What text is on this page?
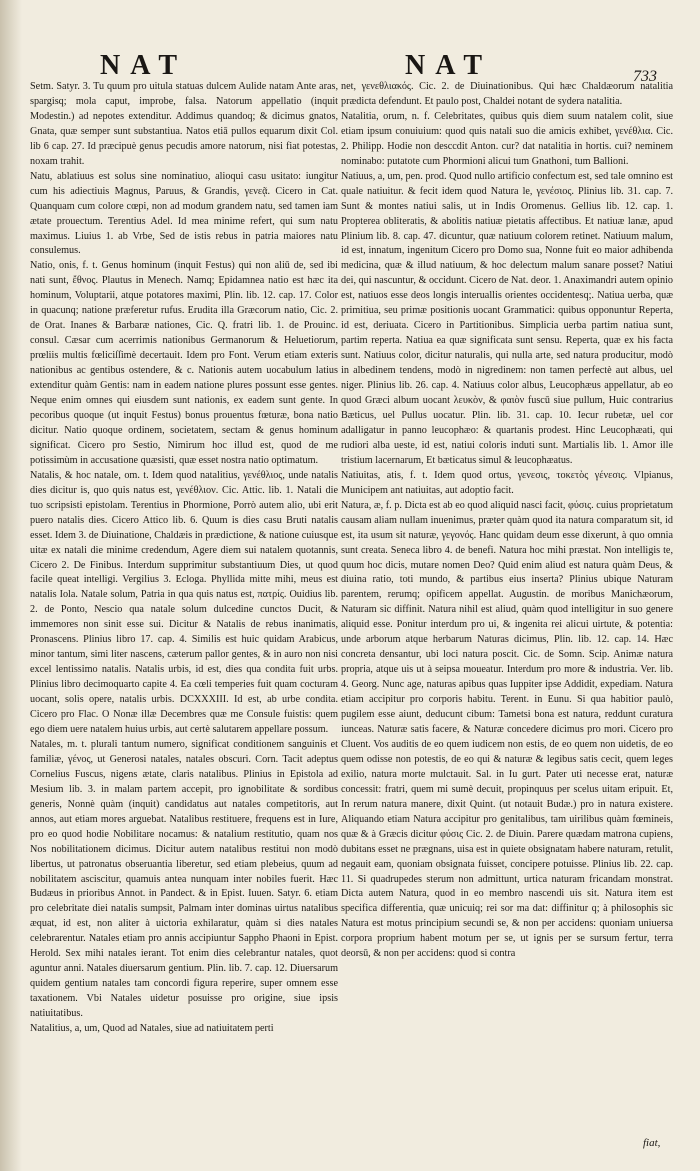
NAT	NAT	733

Setm. Satyr. 3. Tu quum pro uitula statuas dulcem Aulide natam Ante aras, spargisq; mola caput, improbe, falsa. Natorum appellatio (inquit Modestin.) ad nepotes extenditur. Addimus quandoq; & dicimus gnatos, Gnata, quæ semper sunt substantiua. Natos etiā pullos equarum dixit Col. lib 6 cap. 27. Id præcipuè genus pecudis amore natorum, nisi fiat potestas, noxam trahit.

Natu, ablatiuus est solus sine nominatiuo, alioqui casu usitato: iungitur cum his adiectiuis Magnus, Paruus, & Grandis, γενεᾷ. Cicero in Cat. Quanquam cum colore cœpi, non ad modum grandem natu, sed tamen iam ætate prouectum. Terentius Adel. Id mea minime refert, qui sum natu maximus. Liuius 1. ab Vrbe, Sed de istis rebus in patria maiores natu consulemus.

Natio, onis, f. t. Genus hominum (inquit Festus) qui non aliū de, sed ibi nati sunt, ἔθνος. Plautus in Menech. Namq; Epidamnea natio est hæc ita hominum, Voluptarii, atque potatores maximi, Plin. lib. 12. cap. 17. Color in quacunq; natione præferetur rufus. Erudita illa Græcorum natio, Cic. 2. de Orat. Inanes & Barbaræ nationes, Cic. Q. fratri lib. 1. de Prouinc. consul. Cæsar cum acerrimis nationibus Germanorum & Heluetiorum, prœliis multis fœliciſſimè decertauit. Idem pro Font. Verum etiam exteris nationibus ac gentibus ostendere, & c. Nationis autem uocabulum latius extenditur quàm Gentis: nam in eadem natione plures possunt esse gentes. Neque enim omnes qui eiusdem sunt nationis, ex eadem sunt gente. In pecoribus quoque (ut inquit Festus) bonus prouentus fœturæ, bona natio dicitur. Natio quoque ordinem, societatem, sectam & genus hominum significat. Cicero pro Sestio, Nimirum hoc illud est, quod de me potissimùm in accusatione quæsisti, quæ esset nostra natio optimatum.

Natalis, & hoc natale, om. t. Idem quod natalitius, γενέθλιος, unde natalis dies dicitur is, quo quis natus est, γενέθλιον. Cic. Attic. lib. 1. Natali die tuo scripsisti epistolam. Terentius in Phormione, Porrò autem alio, ubi erit puero natalis dies. Cicero Attico lib. 6. Quum is dies casu Bruti natalis esset. Idem 3. de Diuinatione, Chaldæis in prædictione, & natione cuiusque uitæ ex natali die minime credendum, Agere diem sui natalem quotannis, Cicero 2. De Finibus. Interdum supprimitur substantiuum Dies, ut quod facile queat intelligi. Vergilius 3. Ecloga. Phyllida mitte mihi, meus est natalis Iola. Natale solum, Patria in qua quis natus est, πατρίς. Ouidius lib. 2. de Ponto, Nescio qua natale solum dulcedine cunctos Ducit, & immemores non sinit esse sui. Dicitur & Natalis de rebus inanimatis, Pronascens. Plinius libro 17. cap. 4. Similis est huic quidam Arabicus, minor tantum, simi liter nascens, cæterum pallor gentes, & in auro non nisi excel lentissimo natalis. Natalis urbis, id est, dies qua condita fuit urbs. Plinius libro decimoquarto capite 4. Ea cœli temperies fuit quam cocturam uocant, solis opere, natalis urbis. DCXXXIII. Id est, ab urbe condita. Cicero pro Flac. O Nonæ illæ Decembres quæ me Consule fuistis: quem ego diem uere natalem huius urbis, aut certè salutarem appellare possum.

Natales, m. t. plurali tantum numero, significat conditionem sanguinis et familiæ, γένος, ut Generosi natales, natales obscuri. Corn. Tacit adeptus Cornelius Fuscus, nigens ætate, claris natalibus. Plinius in Epistola ad Mesium lib. 3. in malam partem accepit, pro ignobilitate & sordibus generis, Nonnè quàm (inquit) candidatus aut natales competitoris, aut annos, aut etiam mores arguebat. Natalibus restituere, frequens est in Iure, pro eo quod hodie Nobilitare nocamus: & natalium restitutio, quam nos Nos nobilitationem dicimus. Dicitur autem natalibus restitui non modò libertus, ut patronatus obseruantia liberetur, sed etiam plebeius, quum ad nobilitatem asciscitur, quamuis antea nunquam inter nobiles fuerit. Hæc Budæus in prioribus Annot. in Pandect. & in Epist. Iuuen. Satyr. 6. etiam pro celebritate diei natalis sumpsit, Palmam inter dominas uirtus natalibus æquat, id est, non aliter à uictoria exhilaratur, quàm si dies natales celebrarentur. Natales etiam pro annis accipiuntur Sappho Phaoni in Epist. Herold. Sex mihi natales ierant. Tot enim dies celebrantur natales, quot aguntur anni. Natales diuersarum gentium. Plin. lib. 7. cap. 12. Diuersarum quidem gentium natales tam concordi figura reperire, super omnem esse taxationem. Vbi Natales uidetur posuisse pro origine, siue ipsis natiuitatibus.

Natalitius, a, um, Quod ad Natales, siue ad natiuitatem perti

net, γενεθλιακός. Cic. 2. de Diuinationibus. Qui hæc Chaldæorum natalitia prædicta defendunt. Et paulo post, Chaldei notant de sydera natalitia.

Natalitia, orum, n. f. Celebritates, quibus quis diem suum natalem colit, siue etiam ipsum conuiuium: quod quis natali suo die amicis exhibet, γενέθλια. Cic. 2. Philipp. Hodie non desccdit Anton. cur? dat natalitia in hortis. cui? neminem nominabo: putatote cum Phormioni alicui tum Gnathoni, tum Ballioni.

Natiuus, a, um, pen. prod. Quod nullo artificio confectum est, sed tale omnino est quale natiuitur. & fecit idem quod Natura le, γενέσιος. Plinius lib. 31. cap. 7. Sunt & montes natiui salis, ut in Indis Oromenus. Gellius lib. 12. cap. 1. Propterea obliteratis, & abolitis natiuæ pietatis affectibus. Et natiuæ lanæ, apud Plinium lib. 8. cap. 47. dicuntur, quæ natiuum colorem retinet. Natiuum malum, id est, innatum, ingenitum Cicero pro Domo sua, Nonne fuit eo maior adhibenda medicina, quæ & illud natiuum, & hoc delectum malum sanare posset? Natiui dei, qui nascuntur, & occidunt. Cicero de Nat. deor. 1. Anaximandri autem opinio est, natiuos esse deos longis interuallis orientes occidentesq;. Natiua uerba, quæ primitiua, seu primæ positionis uocant Grammatici: quibus opponuntur Reperta, id est, deriuata. Cicero in Partitionibus. Simplicia uerba partim natiua sunt, partim reperta. Natiua ea quæ significata sunt sensu. Reperta, quæ ex his facta sunt. Natiuus color, dicitur naturalis, qui nulla arte, sed natura producitur, modò in albedinem tendens, modò in nigredinem: non tamen perfectè aut albus, uel niger. Plinius lib. 26. cap. 4. Natiuus color albus, Leucophæus appellatur, ab eo quod Græci album uocant λευκὸν, & φαιὸν fuscū siue pullum, Huic contrarius Bæticus, uel Pullus uocatur. Plin. lib. 31. cap. 10. Iecur rubetæ, uel cor adalligatur in panno leucophæo: & quartanis prodest. Hinc Leucophæati, qui rudiori alba ueste, id est, natiui coloris induti sunt. Martialis lib. 1. Amor ille tristium lacernarum, Et bæticatus simul & leucophæatus.

Natiuitas, atis, f. t. Idem quod ortus, γενεσις, τοκετὸς γένεσις. Vlpianus, Municipem ant natiuitas, aut adoptio facit.

Natura, æ, f. p. Dicta est ab eo quod aliquid nasci facit, φύσις. cuius proprietatum causam aliam nullam inuenimus, præter quàm quod ita natura comparatum sit, id est, ita usum sit naturæ, γεγονός. Hanc quidam deum esse dixerunt, à quo omnia sunt creata. Seneca libro 4. de benefi. Natura hoc mihi præstat. Non intelligis te, quum hoc dicis, mutare nomen Deo? Quid enim aliud est natura quàm Deus, & diuina ratio, toti mundo, & partibus eius inserta? Plinius ubique Naturam parentem, rerumq; opificem appellat. Augustin. de moribus Manichæorum, Naturam sic diffinit. Natura nihil est aliud, quàm quod intelligitur in suo genere aliquid esse. Ponitur interdum pro ui, & ingenita rei alicui uirtute, & potentia: unde arborum atque herbarum Naturas dicimus, Plin. lib. 12. cap. 14. Hæc concreta densantur, ubi loci natura poscit. Cic. de Somn. Scip. Animæ natura propria, atque uis ut à seipsa moueatur. Interdum pro more & industria. Ver. lib. 4. Georg. Nunc age, naturas apibus quas Iuppiter ipse Addidit, expediam. Natura etiam accipitur pro corporis habitu. Terent. in Eunu. Si qua habitior paulò, pugilem esse aiunt, deducunt cibum: Tametsi bona est natura, reddunt curatura iunceas. Naturæ satis facere, & Naturæ concedere dicimus pro mori. Cicero pro Cluent. Vos auditis de eo quem iudicem non estis, de eo quem non uidetis, de eo quem odisse non potestis, de eo qui & naturæ & legibus satis cecit, quem leges exilio, natura morte mulctauit. Sal. in Iu gurt. Pater uti necesse erat, naturæ concessit: fratri, quem mi sumè decuit, propinquus per scelus uitam eripuit. Et, In rerum natura manere, dixit Quint. (ut notauit Budæ.) pro in natura existere. Aliquando etiam Natura accipitur pro genitalibus, tam uirilibus quàm fœmineis, quæ & à Græcis dicitur φύσις Cic. 2. de Diuin. Parere quædam matrona cupiens, dubitans esset ne prægnans, uisa est in quiete obsignatam habere naturam, retulit, negauit eam, quoniam obsignata fuisset, concipere potuisse. Plinius lib. 22. cap. 11. Si quadrupedes sterum non admittunt, urtica naturam fricandam monstrat. Dicta autem Natura, quod in eo membro nascendi uis sit. Natura item est specifica differentia, quæ unicuiq; rei sor ma dat: diffinitur q; à philosophis sic Natura est motus principium secundi se, & non per accidens: quoniam uniuersa corpora proprium habent motum per se, ut ignis per se sursum fertur, terra deorsū, & non per accidens: quod si contra

fiat,
